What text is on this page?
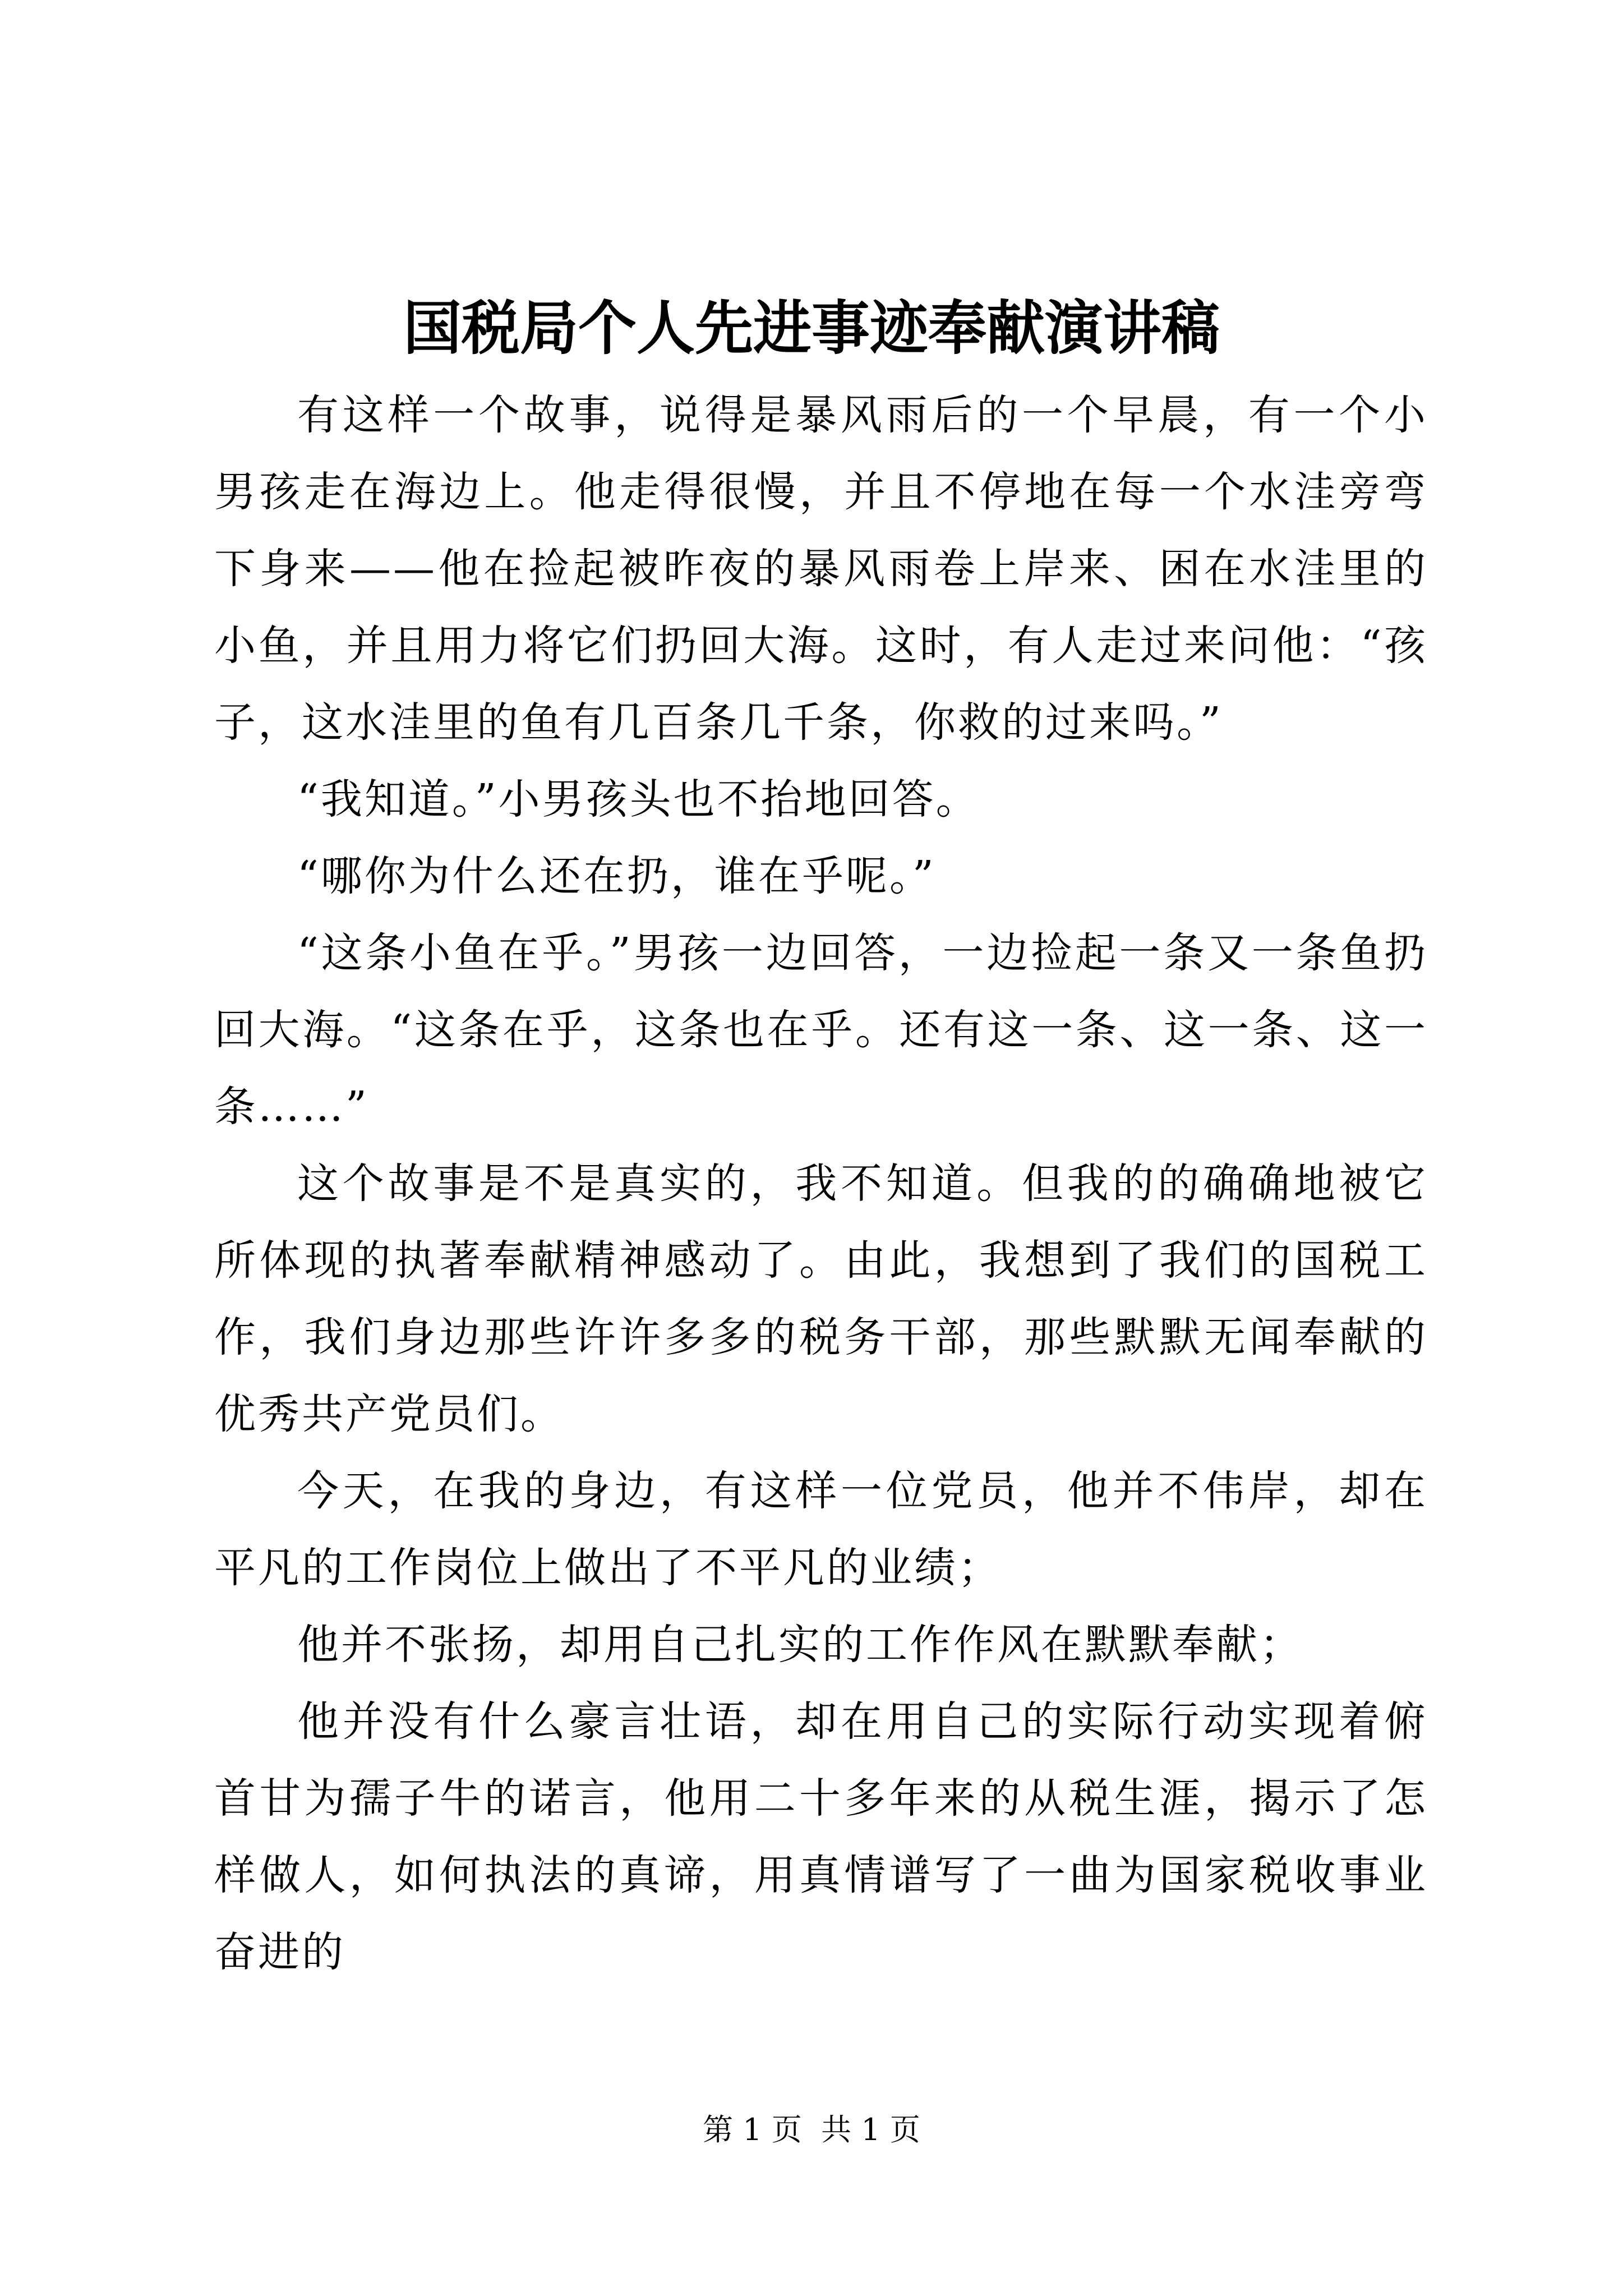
国税局个人先进事迹奉献演讲稿

有这样一个故事，说得是暴风雨后的一个早晨，有一个小男孩走在海边上。他走得很慢，并且不停地在每一个水洼旁弯下身来——他在捡起被昨夜的暴风雨卷上岸来、困在水洼里的小鱼，并且用力将它们扔回大海。这时，有人走过来问他：“孩子，这水洼里的鱼有几百条几千条，你救的过来吗。”

“我知道。”小男孩头也不抬地回答。

“哪你为什么还在扔，谁在乎呢。”

“这条小鱼在乎。”男孩一边回答，一边捡起一条又一条鱼扔回大海。“这条在乎，这条也在乎。还有这一条、这一条、这一条……”

这个故事是不是真实的，我不知道。但我的的确确地被它所体现的执著奉献精神感动了。由此，我想到了我们的国税工作，我们身边那些许许多多的税务干部，那些默默无闻奉献的优秀共产党员们。

今天，在我的身边，有这样一位党员，他并不伟岸，却在平凡的工作岗位上做出了不平凡的业绩；

他并不张扬，却用自己扎实的工作作风在默默奉献；

他并没有什么豪言壮语，却在用自己的实际行动实现着俯首甘为孺子牛的诺言，他用二十多年来的从税生涯，揭示了怎样做人，如何执法的真谛，用真情谱写了一曲为国家税收事业奋进的

第 1 页  共 1 页
